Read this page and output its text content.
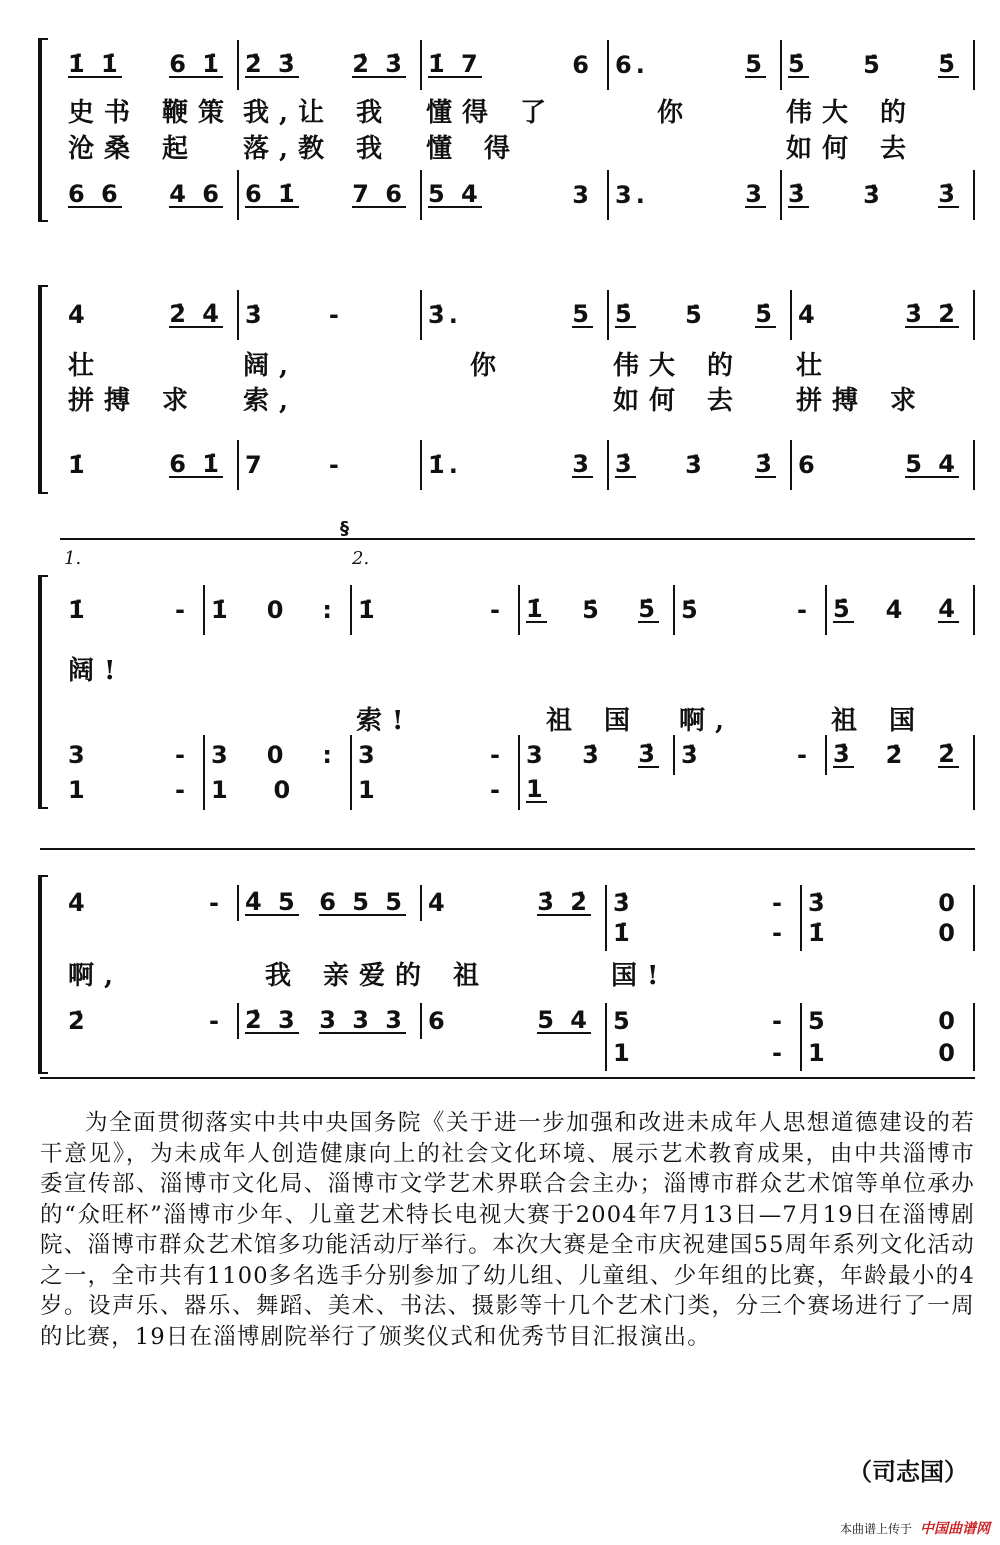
1̇ 1̇ 6 1̇ 2̇ 3̇ 2̇ 3̇ 1̇ 7	6 6.	5 5̇ 5̇ 5̇
史书 鞭策 我,让 我 懂得 了	你	伟大 的
沧桑 起 落,教 我 懂 得	如何 去
6 6 4 6 6 1̇ 7 6 5 4	3 3.	3 3̇ 3̇ 3̇
4̇	2̇ 4̇ 3̇	-	3̇.	5 5̇ 5̇ 5̇ 4̇	3̇ 2̇
壮	阔,	你	伟大 的 壮
拼搏 求 索,	如何 去 拼搏 求
1̇	6 1̇ 7	-	1̇.	3 3̇ 3̇ 3̇ 6	5 4
1.	2.
§
1̇	- 1̇ 0 : 1̇	- 1̇ 5̇ 5̇ 5̇	- 5̇ 4̇ 4̇
阔!
索!	祖 国 啊,	祖 国
3	- 3 0 : 3	- 3 3̇ 3̇ 3̇	- 3̇ 2̇ 2̇
1	- 1 0	1	- 1
4̇	- 4̇ 5 6 5 5 4̇	3̇ 2̇ 3̇	- 3̇	0
1̇	- 1̇	0
啊,	我 亲爱的 祖	国!
2̇	- 2̇ 3 3 3 3 6	5 4 5	- 5	0
1	- 1	0

为全面贯彻落实中共中央国务院《关于进一步加强和改进未成年人思想道德建设的若干意见》，为未成年人创造健康向上的社会文化环境、展示艺术教育成果，由中共淄博市委宣传部、淄博市文化局、淄博市文学艺术界联合会主办；淄博市群众艺术馆等单位承办的“众旺杯”淄博市少年、儿童艺术特长电视大赛于2004年7月13日—7月19日在淄博剧院、淄博市群众艺术馆多功能活动厅举行。本次大赛是全市庆祝建国55周年系列文化活动之一，全市共有1100多名选手分别参加了幼儿组、儿童组、少年组的比赛，年龄最小的4岁。设声乐、器乐、舞蹈、美术、书法、摄影等十几个艺术门类，分三个赛场进行了一周的比赛，19日在淄博剧院举行了颁奖仪式和优秀节目汇报演出。

（司志国）
本曲谱上传于 中国曲谱网
